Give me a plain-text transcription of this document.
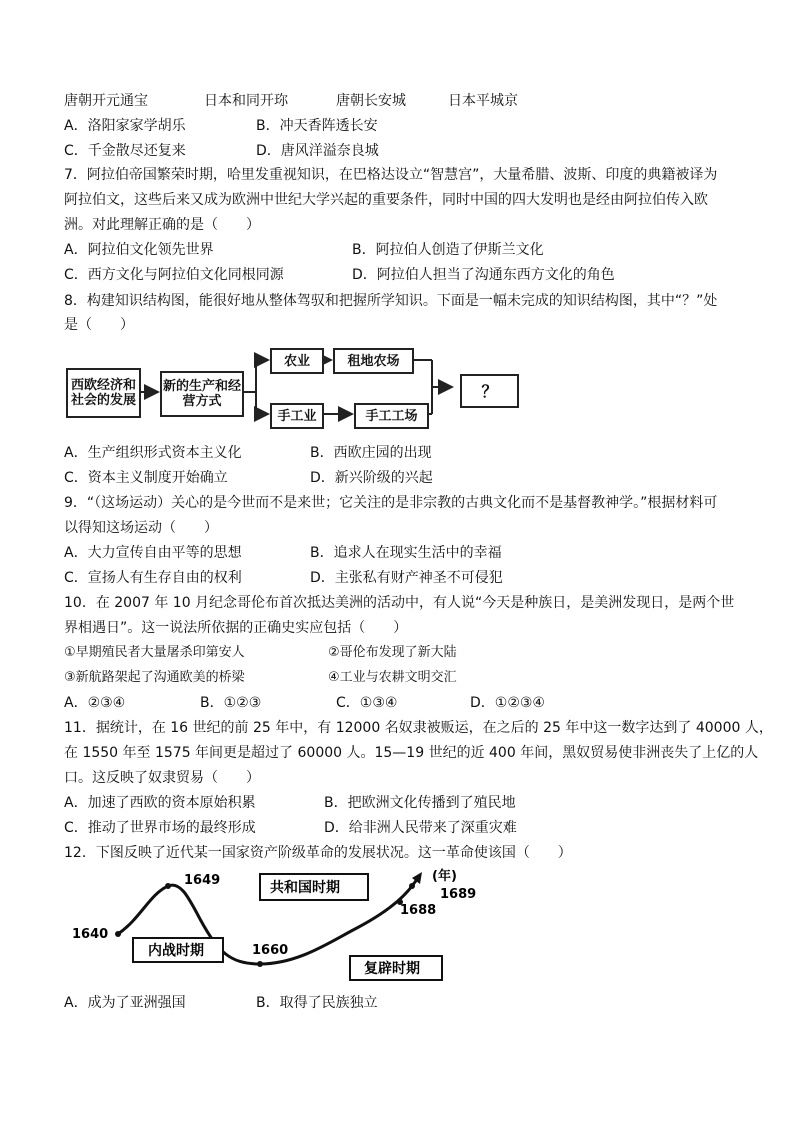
唐朝开元通宝	日本和同开珎	唐朝长安城	日本平城京
A．洛阳家家学胡乐	B．冲天香阵透长安
C．千金散尽还复来	D．唐风洋溢奈良城
7．阿拉伯帝国繁荣时期，哈里发重视知识，在巴格达设立“智慧宫”，大量希腊、波斯、印度的典籍被译为
阿拉伯文，这些后来又成为欧洲中世纪大学兴起的重要条件，同时中国的四大发明也是经由阿拉伯传入欧
洲。对此理解正确的是（　　）
A．阿拉伯文化领先世界	B．阿拉伯人创造了伊斯兰文化
C．西方文化与阿拉伯文化同根同源	D．阿拉伯人担当了沟通东西方文化的角色
8．构建知识结构图，能很好地从整体驾驭和把握所学知识。下面是一幅未完成的知识结构图，其中“？”处
是（　　）
西欧经济和社会的发展
新的生产和经营方式
农业	租地农场
手工业	手工工场
？
A．生产组织形式资本主义化	B．西欧庄园的出现
C．资本主义制度开始确立	D．新兴阶级的兴起
9．“（这场运动）关心的是今世而不是来世；它关注的是非宗教的古典文化而不是基督教神学。”根据材料可
以得知这场运动（　　）
A．大力宣传自由平等的思想	B．追求人在现实生活中的幸福
C．宣扬人有生存自由的权利	D．主张私有财产神圣不可侵犯
10．在 2007 年 10 月纪念哥伦布首次抵达美洲的活动中，有人说“今天是种族日，是美洲发现日，是两个世
界相遇日”。这一说法所依据的正确史实应包括（　　）
①早期殖民者大量屠杀印第安人	②哥伦布发现了新大陆
③新航路架起了沟通欧美的桥梁	④工业与农耕文明交汇
A．②③④	B．①②③	C．①③④	D．①②③④
11．据统计，在 16 世纪的前 25 年中，有 12000 名奴隶被贩运，在之后的 25 年中这一数字达到了 40000 人，
在 1550 年至 1575 年间更是超过了 60000 人。15—19 世纪的近 400 年间，黑奴贸易使非洲丧失了上亿的人
口。这反映了奴隶贸易（　　）
A．加速了西欧的资本原始积累	B．把欧洲文化传播到了殖民地
C．推动了世界市场的最终形成	D．给非洲人民带来了深重灾难
12．下图反映了近代某一国家资产阶级革命的发展状况。这一革命使该国（　　）
1640
1649
1660
1688
1689
(年)
内战时期
共和国时期
复辟时期
A．成为了亚洲强国	B．取得了民族独立
